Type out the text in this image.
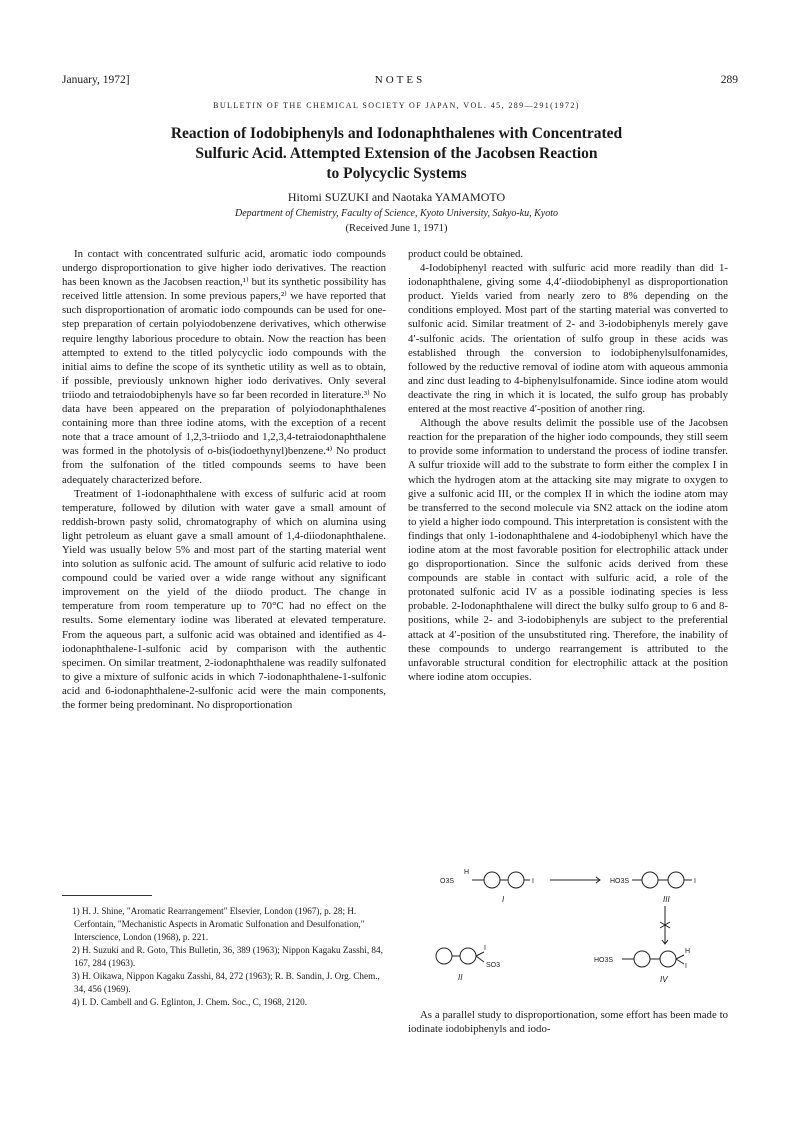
January, 1972]	NOTES	289
BULLETIN OF THE CHEMICAL SOCIETY OF JAPAN, VOL. 45, 289—291(1972)
Reaction of Iodobiphenyls and Iodonaphthalenes with Concentrated
Sulfuric Acid. Attempted Extension of the Jacobsen Reaction
to Polycyclic Systems
Hitomi SUZUKI and Naotaka YAMAMOTO
Department of Chemistry, Faculty of Science, Kyoto University, Sakyo-ku, Kyoto
(Received June 1, 1971)

In contact with concentrated sulfuric acid, aromatic iodo compounds undergo disproportionation to give higher iodo derivatives. The reaction has been known as the Jacobsen reaction,¹⁾ but its synthetic possibility has received little attension. In some previous papers,²⁾ we have reported that such disproportionation of aromatic iodo compounds can be used for one-step preparation of certain polyiodobenzene derivatives, which otherwise require lengthy laborious procedure to obtain. Now the reaction has been attempted to extend to the titled polycyclic iodo compounds with the initial aims to define the scope of its synthetic utility as well as to obtain, if possible, previously unknown higher iodo derivatives. Only several triiodo and tetraiodobiphenyls have so far been recorded in literature.³⁾ No data have been appeared on the preparation of polyiodonaphthalenes containing more than three iodine atoms, with the exception of a recent note that a trace amount of 1,2,3-triiodo and 1,2,3,4-tetraiodonaphthalene was formed in the photolysis of o-bis(iodoethynyl)benzene.⁴⁾ No product from the sulfonation of the titled compounds seems to have been adequately characterized before.

Treatment of 1-iodonaphthalene with excess of sulfuric acid at room temperature, followed by dilution with water gave a small amount of reddish-brown pasty solid, chromatography of which on alumina using light petroleum as eluant gave a small amount of 1,4-diiodonaphthalene. Yield was usually below 5% and most part of the starting material went into solution as sulfonic acid. The amount of sulfuric acid relative to iodo compound could be varied over a wide range without any significant improvement on the yield of the diiodo product. The change in temperature from room temperature up to 70°C had no effect on the results. Some elementary iodine was liberated at elevated temperature. From the aqueous part, a sulfonic acid was obtained and identified as 4-iodonaphthalene-1-sulfonic acid by comparison with the authentic specimen. On similar treatment, 2-iodonaphthalene was readily sulfonated to give a mixture of sulfonic acids in which 7-iodonaphthalene-1-sulfonic acid and 6-iodonaphthalene-2-sulfonic acid were the main components, the former being predominant. No disproportionation

product could be obtained.

4-Iodobiphenyl reacted with sulfuric acid more readily than did 1-iodonaphthalene, giving some 4,4′-diiodobiphenyl as disproportionation product. Yields varied from nearly zero to 8% depending on the conditions employed. Most part of the starting material was converted to sulfonic acid. Similar treatment of 2- and 3-iodobiphenyls merely gave 4′-sulfonic acids. The orientation of sulfo group in these acids was established through the conversion to iodobiphenylsulfonamides, followed by the reductive removal of iodine atom with aqueous ammonia and zinc dust leading to 4-biphenylsulfonamide. Since iodine atom would deactivate the ring in which it is located, the sulfo group has probably entered at the most reactive 4′-position of another ring.

Although the above results delimit the possible use of the Jacobsen reaction for the preparation of the higher iodo compounds, they still seem to provide some information to understand the process of iodine transfer. A sulfur trioxide will add to the substrate to form either the complex I in which the hydrogen atom at the attacking site may migrate to oxygen to give a sulfonic acid III, or the complex II in which the iodine atom may be transferred to the second molecule via SN2 attack on the iodine atom to yield a higher iodo compound. This interpretation is consistent with the findings that only 1-iodonaphthalene and 4-iodobiphenyl which have the iodine atom at the most favorable position for electrophilic attack under go disproportionation. Since the sulfonic acids derived from these compounds are stable in contact with sulfuric acid, a role of the protonated sulfonic acid IV as a possible iodinating species is less probable. 2-Iodonaphthalene will direct the bulky sulfo group to 6 and 8-positions, while 2- and 3-iodobiphenyls are subject to the preferential attack at 4′-position of the unsubstituted ring. Therefore, the inability of these compounds to undergo rearrangement is attributed to the unfavorable structural condition for electrophilic attack at the position where iodine atom occupies.

1) H. J. Shine, "Aromatic Rearrangement" Elsevier, London (1967), p. 28; H. Cerfontain, "Mechanistic Aspects in Aromatic Sulfonation and Desulfonation," Interscience, London (1968), p. 221.

2) H. Suzuki and R. Goto, This Bulletin, 36, 389 (1963); Nippon Kagaku Zasshi, 84, 167, 284 (1963).

3) H. Oikawa, Nippon Kagaku Zasshi, 84, 272 (1963); R. B. Sandin, J. Org. Chem., 34, 456 (1969).

4) I. D. Cambell and G. Eglinton, J. Chem. Soc., C, 1968, 2120.

O3S
H
I	HO3S	I
I
SO3
HO3S
H
I
I	III
II	IV

As a parallel study to disproportionation, some effort has been made to iodinate iodobiphenyls and iodo-
